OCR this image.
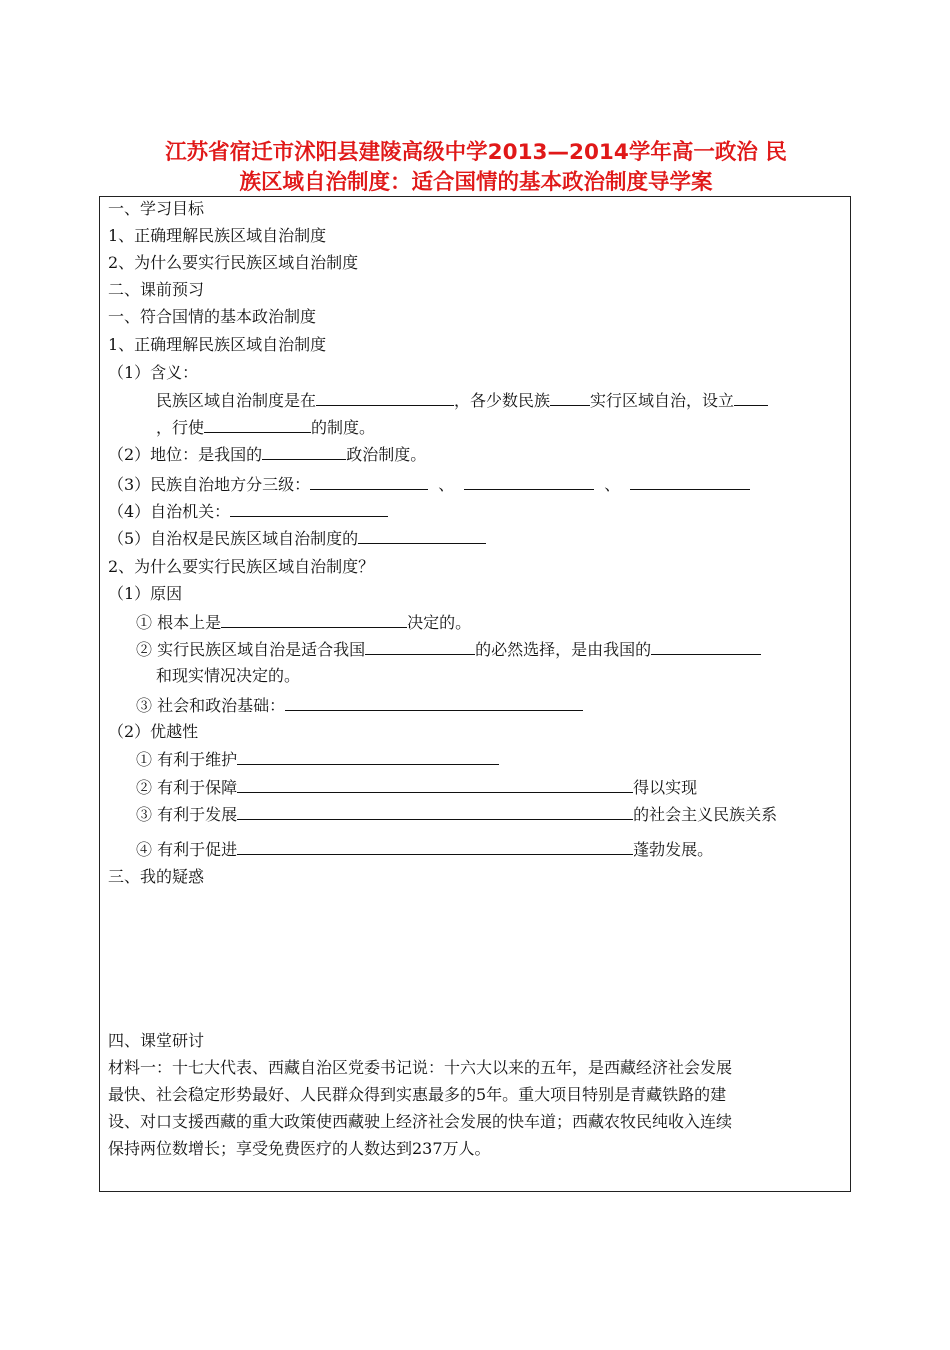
江苏省宿迁市沭阳县建陵高级中学2013—2014学年高一政治 民
族区域自治制度：适合国情的基本政治制度导学案
一、学习目标
1、正确理解民族区域自治制度
2、为什么要实行民族区域自治制度
二、课前预习
一、符合国情的基本政治制度
1、正确理解民族区域自治制度
（1）含义：
民族区域自治制度是在	，各少数民族	实行区域自治，设立
，行使	的制度。
（2）地位：是我国的	政治制度。
（3）民族自治地方分三级：	、	、
（4）自治机关：
（5）自治权是民族区域自治制度的
2、为什么要实行民族区域自治制度？
（1）原因
① 根本上是	决定的。
② 实行民族区域自治是适合我国	的必然选择，是由我国的
和现实情况决定的。
③ 社会和政治基础：
（2）优越性
① 有利于维护
② 有利于保障	得以实现
③ 有利于发展	的社会主义民族关系
④ 有利于促进	蓬勃发展。
三、我的疑惑
四、课堂研讨
材料一：十七大代表、西藏自治区党委书记说：十六大以来的五年，是西藏经济社会发展
最快、社会稳定形势最好、人民群众得到实惠最多的5年。重大项目特别是青藏铁路的建
设、对口支援西藏的重大政策使西藏驶上经济社会发展的快车道；西藏农牧民纯收入连续
保持两位数增长；享受免费医疗的人数达到237万人。
